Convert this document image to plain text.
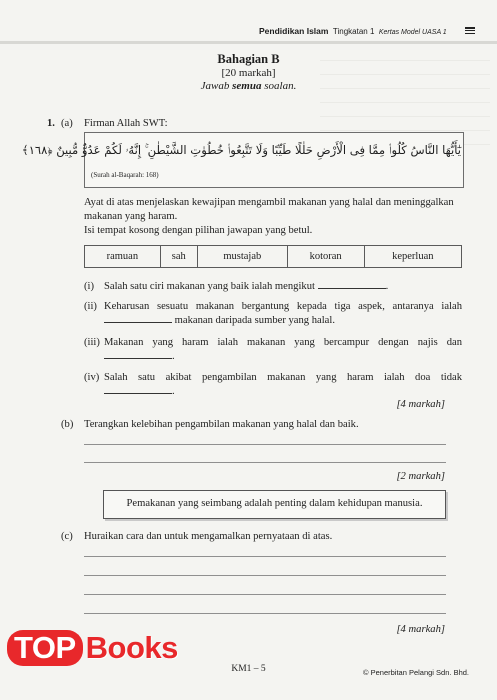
Pendidikan Islam Tingkatan 1 Kertas Model UASA 1
Bahagian B
[20 markah]
Jawab semua soalan.
1. (a) Firman Allah SWT:
يٰٓأَيُّهَا النَّاسُ كُلُوا۟ مِمَّا فِى الْأَرْضِ حَلٰلًا طَيِّبًا وَلَا تَتَّبِعُوا۟ خُطُوٰتِ الشَّيْطٰنِ ۚ إِنَّهُۥ لَكُمْ عَدُوٌّ مُّبِينٌ ﴿١٦٨﴾
(Surah al-Baqarah: 168)
Ayat di atas menjelaskan kewajipan mengambil makanan yang halal dan meninggalkan
makanan yang haram.
Isi tempat kosong dengan pilihan jawapan yang betul.
ramuan	sah	mustajab	kotoran	keperluan
(i) Salah satu ciri makanan yang baik ialah mengikut	.
(ii) Keharusan sesuatu makanan bergantung kepada tiga aspek, antaranya ialah
makanan daripada sumber yang halal.
(iii) Makanan yang haram ialah makanan yang bercampur dengan najis dan
.
(iv) Salah satu akibat pengambilan makanan yang haram ialah doa tidak
.
[4 markah]
(b) Terangkan kelebihan pengambilan makanan yang halal dan baik.
[2 markah]
Pemakanan yang seimbang adalah penting dalam kehidupan manusia.
(c) Huraikan cara dan untuk mengamalkan pernyataan di atas.
[4 markah]
TOP Books
KM1 – 5	© Penerbitan Pelangi Sdn. Bhd.
